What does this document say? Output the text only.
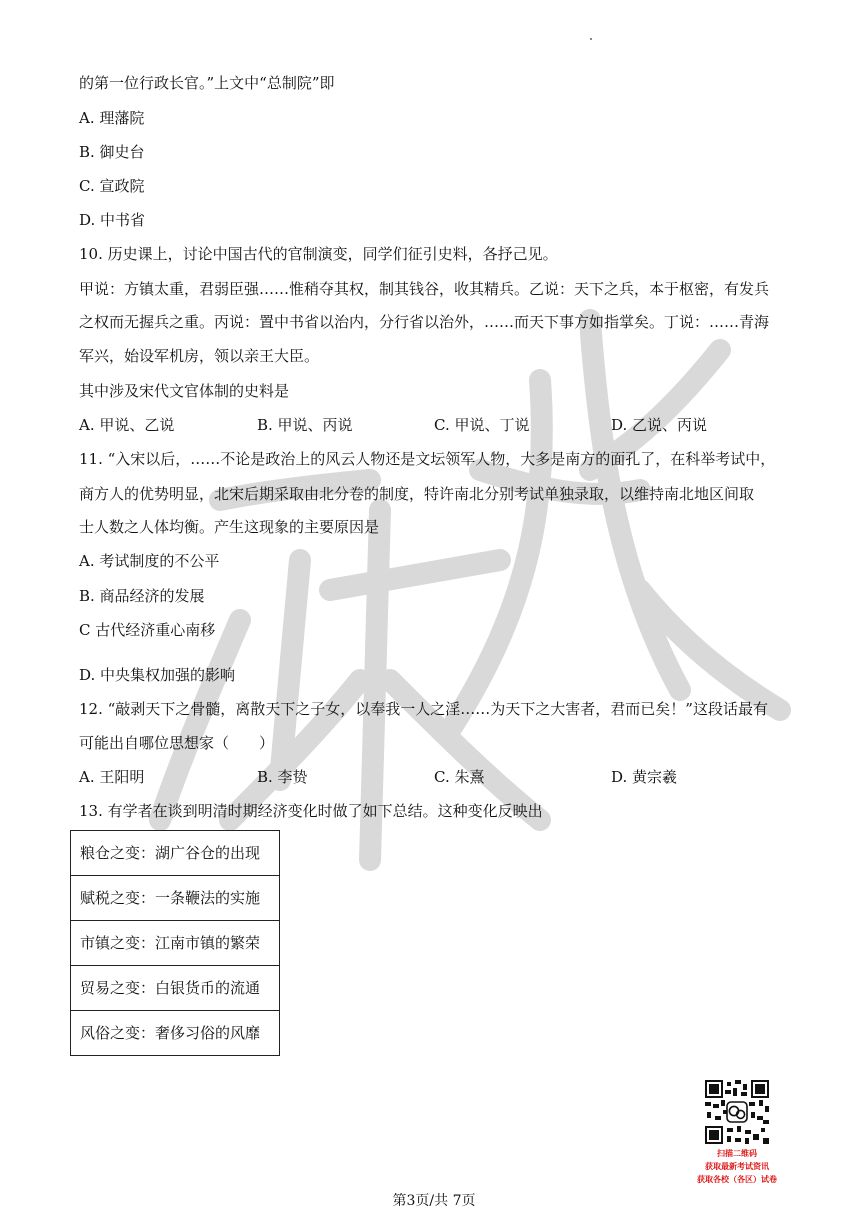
的第一位行政长官。”上文中“总制院”即
A. 理藩院
B. 御史台
C. 宣政院
D. 中书省
10. 历史课上，讨论中国古代的官制演变，同学们征引史料，各抒己见。
甲说：方镇太重，君弱臣强……惟稍夺其权，制其钱谷，收其精兵。乙说：天下之兵，本于枢密，有发兵
之权而无握兵之重。丙说：置中书省以治内，分行省以治外，……而天下事方如指掌矣。丁说：……青海
军兴，始设军机房，领以亲王大臣。
其中涉及宋代文官体制的史料是
A. 甲说、乙说	B. 甲说、丙说	C. 甲说、丁说	D. 乙说、丙说
11. “入宋以后，……不论是政治上的风云人物还是文坛领军人物，大多是南方的面孔了，在科举考试中，
商方人的优势明显，北宋后期采取由北分卷的制度，特许南北分别考试单独录取，以维持南北地区间取
士人数之人体均衡。产生这现象的主要原因是
A. 考试制度的不公平
B. 商品经济的发展
C 古代经济重心南移
D. 中央集权加强的影响
12. “敲剥天下之骨髓，离散天下之子女，以奉我一人之淫……为天下之大害者，君而已矣！”这段话最有
可能出自哪位思想家（　　）
A. 王阳明	B. 李贽	C. 朱熹	D. 黄宗羲
13. 有学者在谈到明清时期经济变化时做了如下总结。这种变化反映出
粮仓之变：湖广谷仓的出现
赋税之变：一条鞭法的实施
市镇之变：江南市镇的繁荣
贸易之变：白银货币的流通
风俗之变：奢侈习俗的风靡
扫描二维码
获取最新考试资讯
获取各校（各区）试卷
第3页/共 7页
